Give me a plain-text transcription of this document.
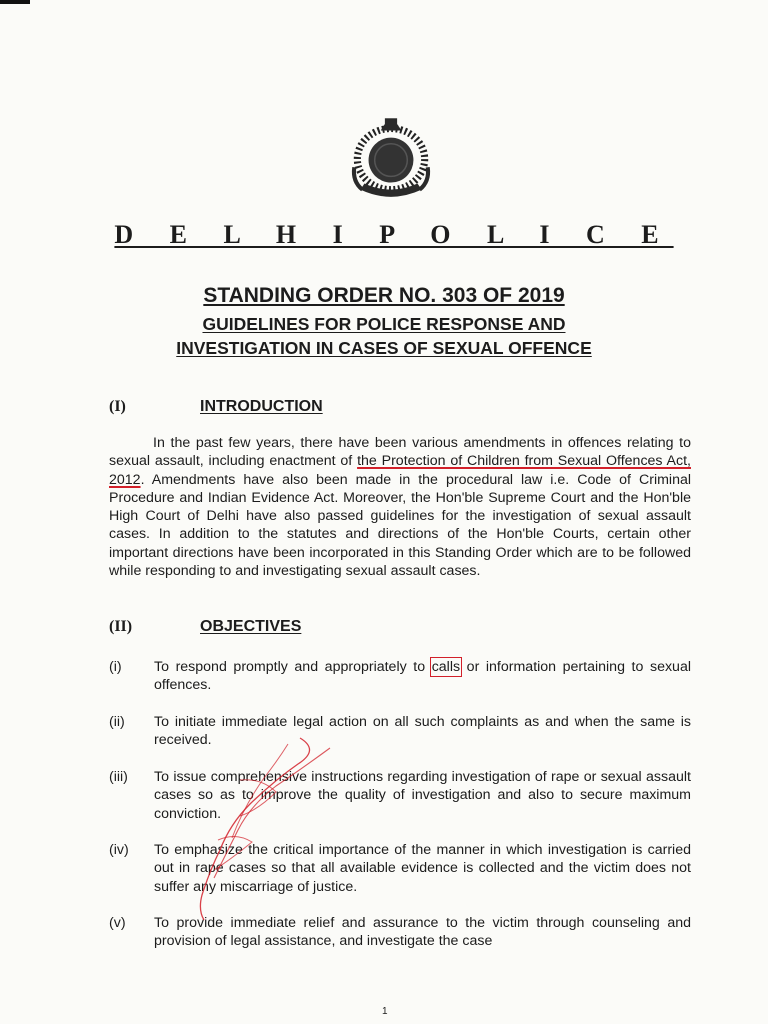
D E L H I P O L I C E
STANDING ORDER NO. 303 OF 2019
GUIDELINES FOR POLICE RESPONSE AND
INVESTIGATION IN CASES OF SEXUAL OFFENCE
(I)	INTRODUCTION
In the past few years, there have been various amendments in offences relating to sexual assault, including enactment of the Protection of Children from Sexual Offences Act, 2012. Amendments have also been made in the procedural law i.e. Code of Criminal Procedure and Indian Evidence Act. Moreover, the Hon'ble Supreme Court and the Hon'ble High Court of Delhi have also passed guidelines for the investigation of sexual assault cases. In addition to the statutes and directions of the Hon'ble Courts, certain other important directions have been incorporated in this Standing Order which are to be followed while responding to and investigating sexual assault cases.
(II)	OBJECTIVES
(i)	To respond promptly and appropriately to calls or information pertaining to sexual offences.
(ii)	To initiate immediate legal action on all such complaints as and when the same is received.
(iii)	To issue comprehensive instructions regarding investigation of rape or sexual assault cases so as to improve the quality of investigation and also to secure maximum conviction.
(iv)	To emphasize the critical importance of the manner in which investigation is carried out in rape cases so that all available evidence is collected and the victim does not suffer any miscarriage of justice.
(v)	To provide immediate relief and assurance to the victim through counseling and provision of legal assistance, and investigate the case
1
